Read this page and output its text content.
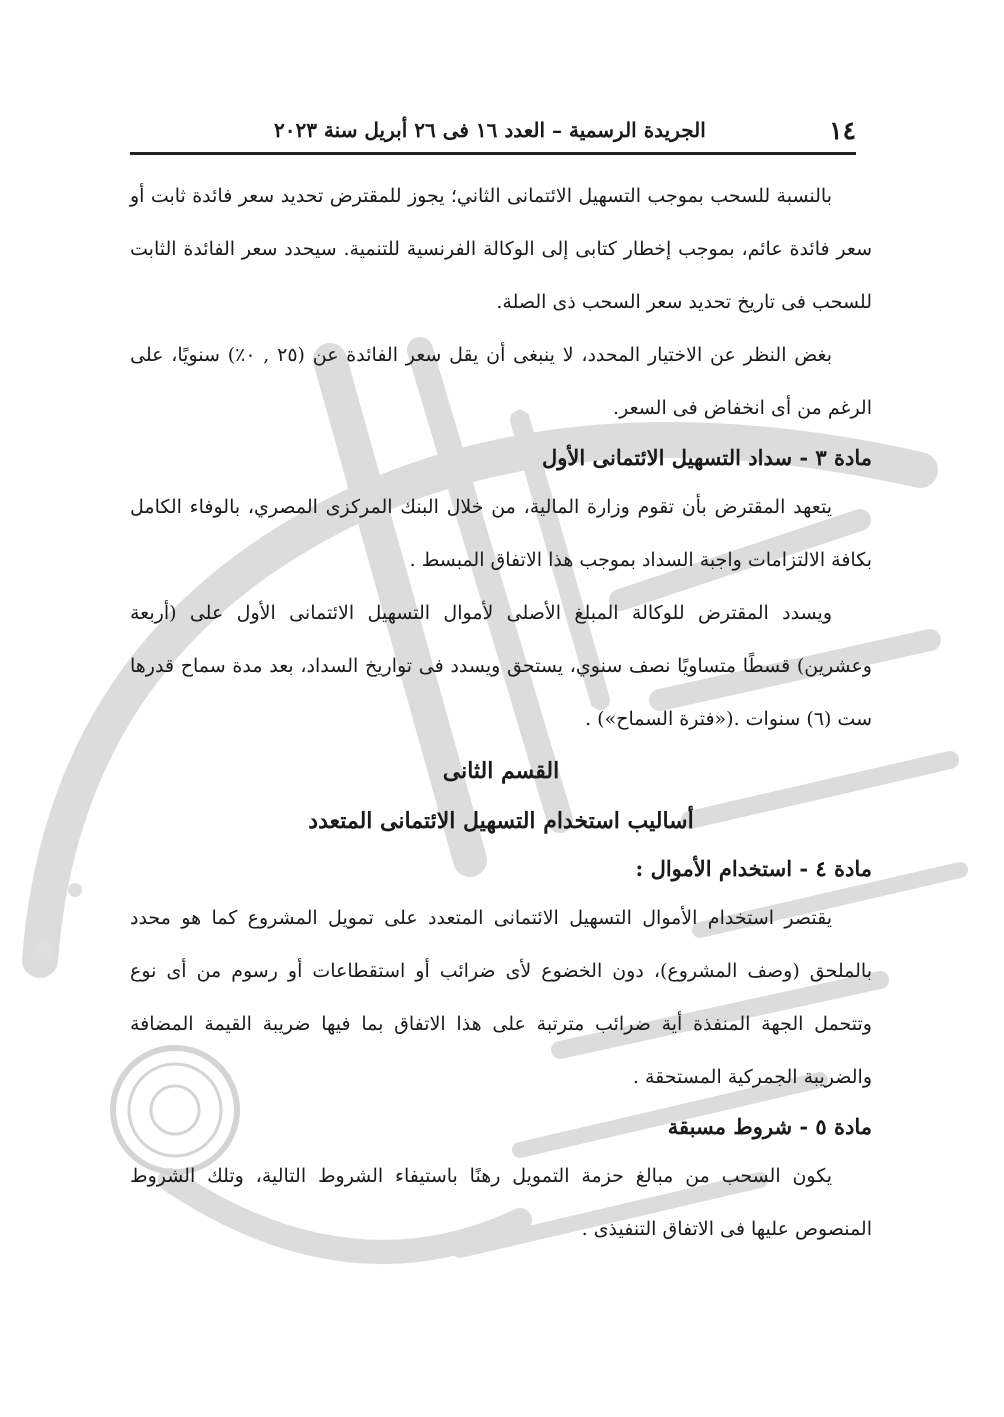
١٤
الجريدة الرسمية – العدد ١٦ فى ٢٦ أبريل سنة ٢٠٢٣

بالنسبة للسحب بموجب التسهيل الائتمانى الثاني؛ يجوز للمقترض تحديد سعر فائدة ثابت أو سعر فائدة عائم، بموجب إخطار كتابى إلى الوكالة الفرنسية للتنمية. سيحدد سعر الفائدة الثابت للسحب فى تاريخ تحديد سعر السحب ذى الصلة.

بغض النظر عن الاختيار المحدد، لا ينبغى أن يقل سعر الفائدة عن (٢٥ , ٠٪) سنويًا، على الرغم من أى انخفاض فى السعر.

مادة ٣ - سداد التسهيل الائتمانى الأول

يتعهد المقترض بأن تقوم وزارة المالية، من خلال البنك المركزى المصري، بالوفاء الكامل بكافة الالتزامات واجبة السداد بموجب هذا الاتفاق المبسط .

ويسدد المقترض للوكالة المبلغ الأصلى لأموال التسهيل الائتمانى الأول على (أربعة وعشرين) قسطًا متساويًا نصف سنوي، يستحق ويسدد فى تواريخ السداد، بعد مدة سماح قدرها ست (٦) سنوات .(«فترة السماح») .

القسم الثانى

أساليب استخدام التسهيل الائتمانى المتعدد

مادة ٤ - استخدام الأموال :

يقتصر استخدام الأموال التسهيل الائتمانى المتعدد على تمويل المشروع كما هو محدد بالملحق (وصف المشروع)، دون الخضوع لأى ضرائب أو استقطاعات أو رسوم من أى نوع وتتحمل الجهة المنفذة أية ضرائب مترتبة على هذا الاتفاق بما فيها ضريبة القيمة المضافة والضريبة الجمركية المستحقة .

مادة ٥ - شروط مسبقة

يكون السحب من مبالغ حزمة التمويل رهنًا باستيفاء الشروط التالية، وتلك الشروط المنصوص عليها فى الاتفاق التنفيذى .
